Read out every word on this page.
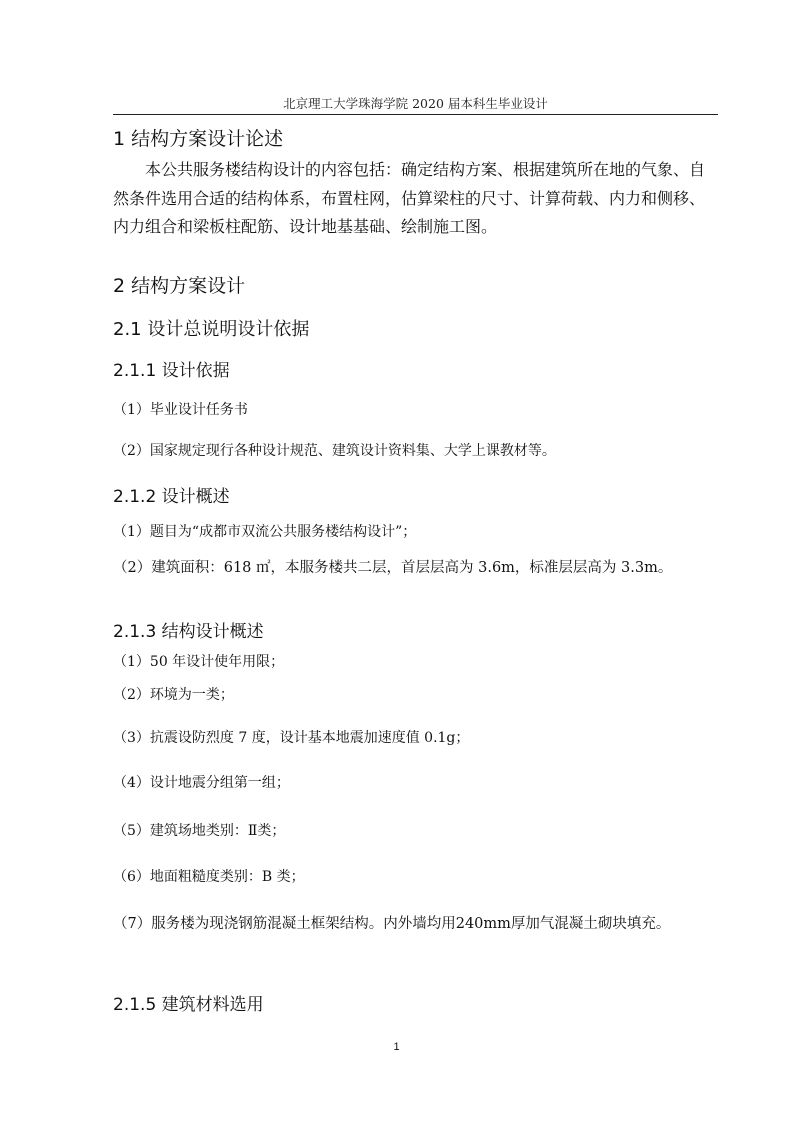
北京理工大学珠海学院 2020 届本科生毕业设计
1 结构方案设计论述
本公共服务楼结构设计的内容包括：确定结构方案、根据建筑所在地的气象、自然条件选用合适的结构体系，布置柱网，估算梁柱的尺寸、计算荷载、内力和侧移、内力组合和梁板柱配筋、设计地基基础、绘制施工图。
2 结构方案设计
2.1 设计总说明设计依据
2.1.1 设计依据
（1）毕业设计任务书
（2）国家规定现行各种设计规范、建筑设计资料集、大学上课教材等。
2.1.2 设计概述
（1）题目为“成都市双流公共服务楼结构设计”；
（2）建筑面积：618 ㎡，本服务楼共二层，首层层高为 3.6m，标准层层高为 3.3m。
2.1.3 结构设计概述
（1）50 年设计使年用限；
（2）环境为一类；
（3）抗震设防烈度 7 度，设计基本地震加速度值 0.1g；
（4）设计地震分组第一组；
（5）建筑场地类别：Ⅱ类；
（6）地面粗糙度类别：B 类；
（7）服务楼为现浇钢筋混凝土框架结构。内外墙均用240mm厚加气混凝土砌块填充。
2.1.5 建筑材料选用
1
